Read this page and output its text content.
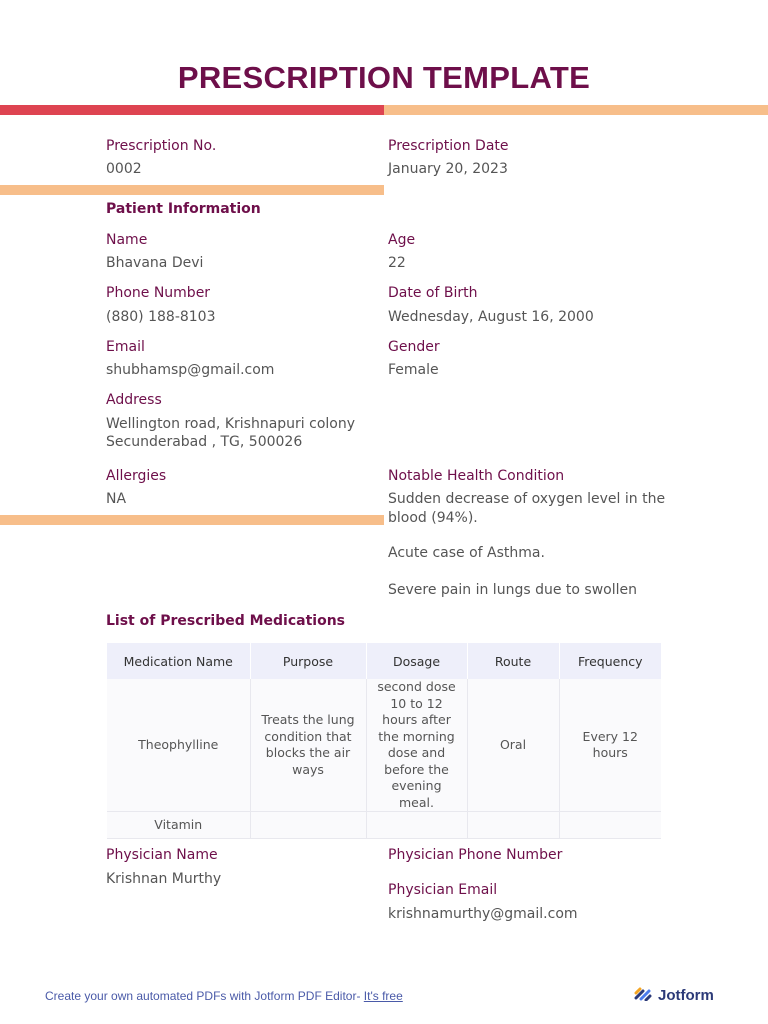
PRESCRIPTION TEMPLATE
Prescription No.
0002
Prescription Date
January 20, 2023
Patient Information
Name
Bhavana Devi
Age
22
Phone Number
(880) 188-8103
Date of Birth
Wednesday, August 16, 2000
Email
shubhamsp@gmail.com
Gender
Female
Address
Wellington road, Krishnapuri colony
Secunderabad , TG, 500026
Allergies
NA
Notable Health Condition
Sudden decrease of oxygen level in the
blood (94%).
Acute case of Asthma.
Severe pain in lungs due to swollen
List of Prescribed Medications
Medication Name	Purpose	Dosage	Route	Frequency
Theophylline	Treats the lung condition that blocks the air ways	second dose 10 to 12 hours after the morning dose and before the evening meal.	Oral	Every 12 hours
Vitamin				
Physician Name
Krishnan Murthy
Physician Phone Number
Physician Email
krishnamurthy@gmail.com
Create your own automated PDFs with Jotform PDF Editor- It's free	Jotform
